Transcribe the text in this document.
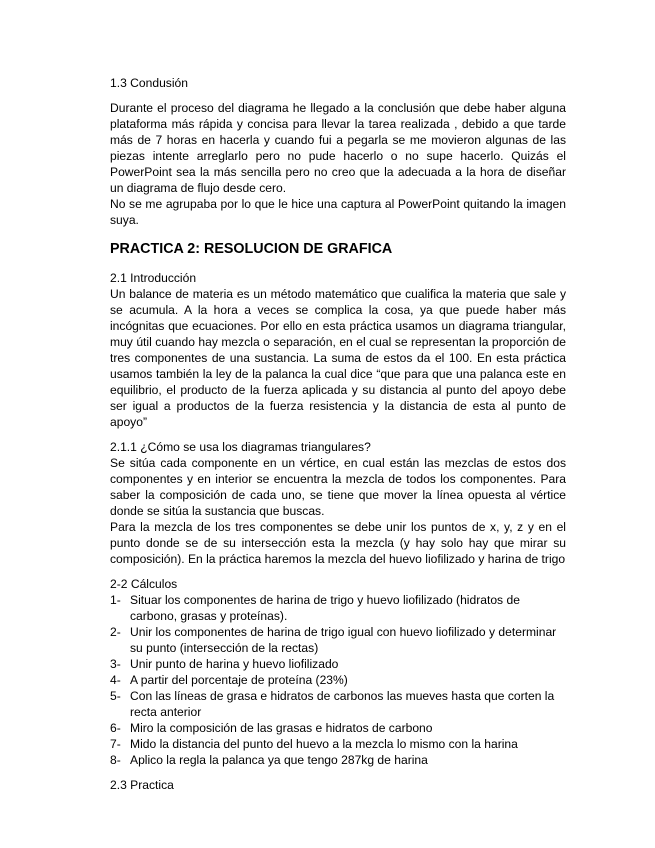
1.3 Condusión

Durante el proceso del diagrama he llegado a la conclusión que debe haber alguna plataforma más rápida y concisa para llevar la tarea realizada , debido a que tarde más de 7 horas en hacerla y cuando fui a pegarla se me movieron algunas de las piezas intente arreglarlo pero no pude hacerlo o no supe hacerlo. Quizás el PowerPoint sea la más sencilla pero no creo que la adecuada a la hora de diseñar un diagrama de flujo desde cero.

No se me agrupaba por lo que le hice una captura al PowerPoint quitando la imagen suya.

PRACTICA 2: RESOLUCION DE GRAFICA

2.1 Introducción

Un balance de materia es un método matemático que cualifica la materia que sale y se acumula. A la hora a veces se complica la cosa, ya que puede haber más incógnitas que ecuaciones. Por ello en esta práctica usamos un diagrama triangular, muy útil cuando hay mezcla o separación, en el cual se representan la proporción de tres componentes de una sustancia. La suma de estos da el 100. En esta práctica usamos también la ley de la palanca la cual dice “que para que una palanca este en equilibrio, el producto de la fuerza aplicada y su distancia al punto del apoyo debe ser igual a productos de la fuerza resistencia y la distancia de esta al punto de apoyo”

2.1.1 ¿Cómo se usa los diagramas triangulares?

Se sitúa cada componente en un vértice, en cual están las mezclas de estos dos componentes y en interior se encuentra la mezcla de todos los componentes. Para saber la composición de cada uno, se tiene que mover la línea opuesta al vértice donde se sitúa la sustancia que buscas.

Para la mezcla de los tres componentes se debe unir los puntos de x, y, z y en el punto donde se de su intersección esta la mezcla (y hay solo hay que mirar su composición). En la práctica haremos la mezcla del huevo liofilizado y harina de trigo

2-2 Cálculos

1- Situar los componentes de harina de trigo y huevo liofilizado (hidratos de carbono, grasas y proteínas).
2- Unir los componentes de harina de trigo igual con huevo liofilizado y determinar su punto (intersección de la rectas)
3- Unir punto de harina y huevo liofilizado
4- A partir del porcentaje de proteína (23%)
5- Con las líneas de grasa e hidratos de carbonos las mueves hasta que corten la recta anterior
6- Miro la composición de las grasas e hidratos de carbono
7- Mido la distancia del punto del huevo a la mezcla lo mismo con la harina
8- Aplico la regla la palanca ya que tengo 287kg de harina

2.3 Practica
